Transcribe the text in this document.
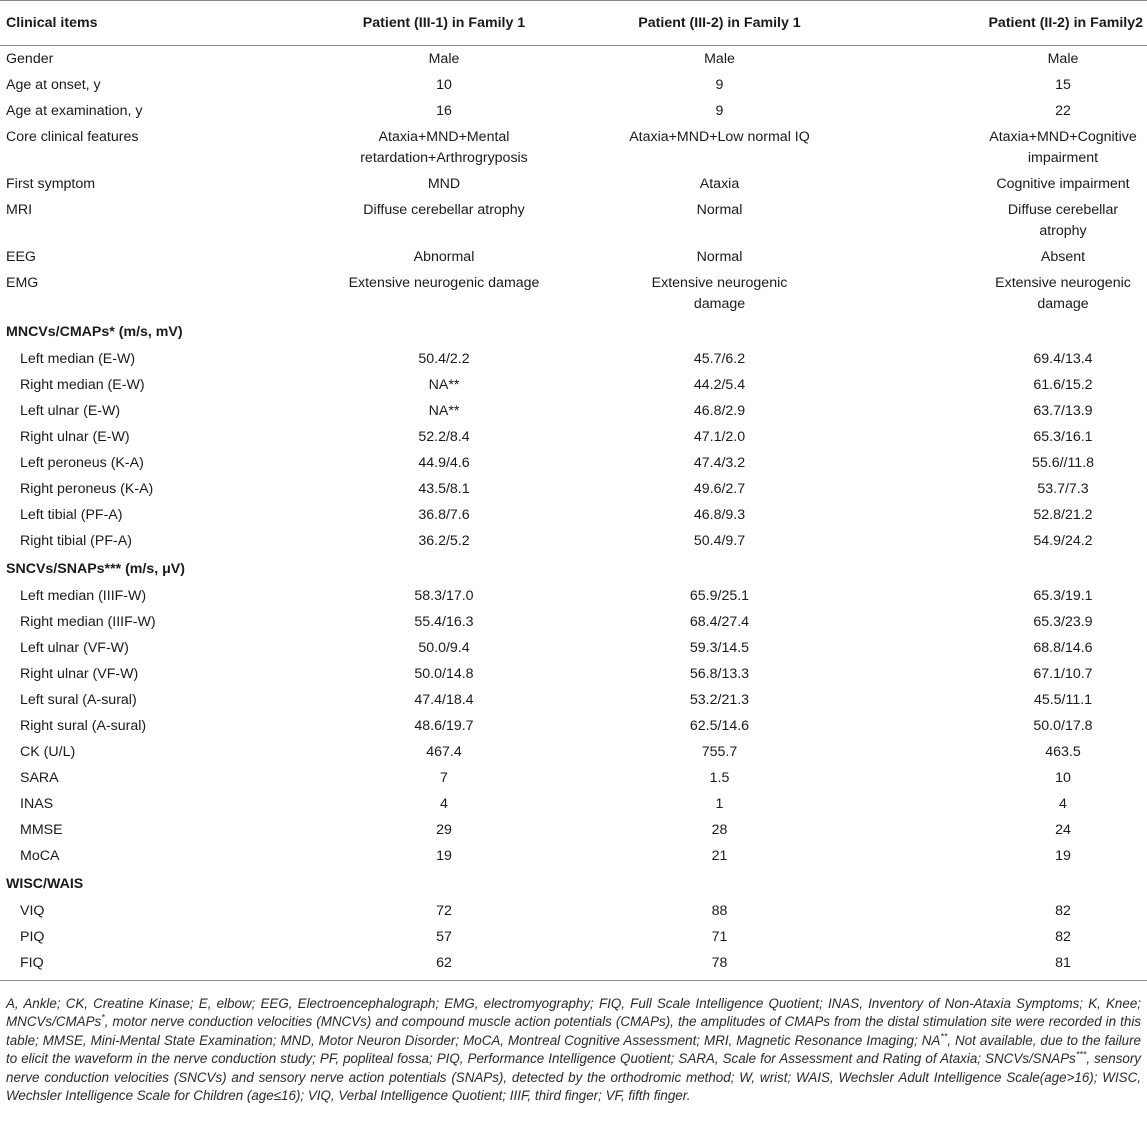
Clinical items	Patient (III-1) in Family 1	Patient (III-2) in Family 1	Patient (II-2) in Family2
Gender	Male	Male	Male
Age at onset, y	10	9	15
Age at examination, y	16	9	22
Core clinical features	Ataxia+MND+Mental retardation+Arthrogryposis	Ataxia+MND+Low normal IQ	Ataxia+MND+Cognitive impairment
First symptom	MND	Ataxia	Cognitive impairment
MRI	Diffuse cerebellar atrophy	Normal	Diffuse cerebellar atrophy
EEG	Abnormal	Normal	Absent
EMG	Extensive neurogenic damage	Extensive neurogenic damage	Extensive neurogenic damage
MNCVs/CMAPs* (m/s, mV)			
Left median (E-W)	50.4/2.2	45.7/6.2	69.4/13.4
Right median (E-W)	NA**	44.2/5.4	61.6/15.2
Left ulnar (E-W)	NA**	46.8/2.9	63.7/13.9
Right ulnar (E-W)	52.2/8.4	47.1/2.0	65.3/16.1
Left peroneus (K-A)	44.9/4.6	47.4/3.2	55.6//11.8
Right peroneus (K-A)	43.5/8.1	49.6/2.7	53.7/7.3
Left tibial (PF-A)	36.8/7.6	46.8/9.3	52.8/21.2
Right tibial (PF-A)	36.2/5.2	50.4/9.7	54.9/24.2
SNCVs/SNAPs*** (m/s, μV)			
Left median (IIIF-W)	58.3/17.0	65.9/25.1	65.3/19.1
Right median (IIIF-W)	55.4/16.3	68.4/27.4	65.3/23.9
Left ulnar (VF-W)	50.0/9.4	59.3/14.5	68.8/14.6
Right ulnar (VF-W)	50.0/14.8	56.8/13.3	67.1/10.7
Left sural (A-sural)	47.4/18.4	53.2/21.3	45.5/11.1
Right sural (A-sural)	48.6/19.7	62.5/14.6	50.0/17.8
CK (U/L)	467.4	755.7	463.5
SARA	7	1.5	10
INAS	4	1	4
MMSE	29	28	24
MoCA	19	21	19
WISC/WAIS			
VIQ	72	88	82
PIQ	57	71	82
FIQ	62	78	81
A, Ankle; CK, Creatine Kinase; E, elbow; EEG, Electroencephalograph; EMG, electromyography; FIQ, Full Scale Intelligence Quotient; INAS, Inventory of Non-Ataxia Symptoms; K, Knee; MNCVs/CMAPs*, motor nerve conduction velocities (MNCVs) and compound muscle action potentials (CMAPs), the amplitudes of CMAPs from the distal stimulation site were recorded in this table; MMSE, Mini-Mental State Examination; MND, Motor Neuron Disorder; MoCA, Montreal Cognitive Assessment; MRI, Magnetic Resonance Imaging; NA**, Not available, due to the failure to elicit the waveform in the nerve conduction study; PF, popliteal fossa; PIQ, Performance Intelligence Quotient; SARA, Scale for Assessment and Rating of Ataxia; SNCVs/SNAPs***, sensory nerve conduction velocities (SNCVs) and sensory nerve action potentials (SNAPs), detected by the orthodromic method; W, wrist; WAIS, Wechsler Adult Intelligence Scale(age>16); WISC, Wechsler Intelligence Scale for Children (age≤16); VIQ, Verbal Intelligence Quotient; IIIF, third finger; VF, fifth finger.
